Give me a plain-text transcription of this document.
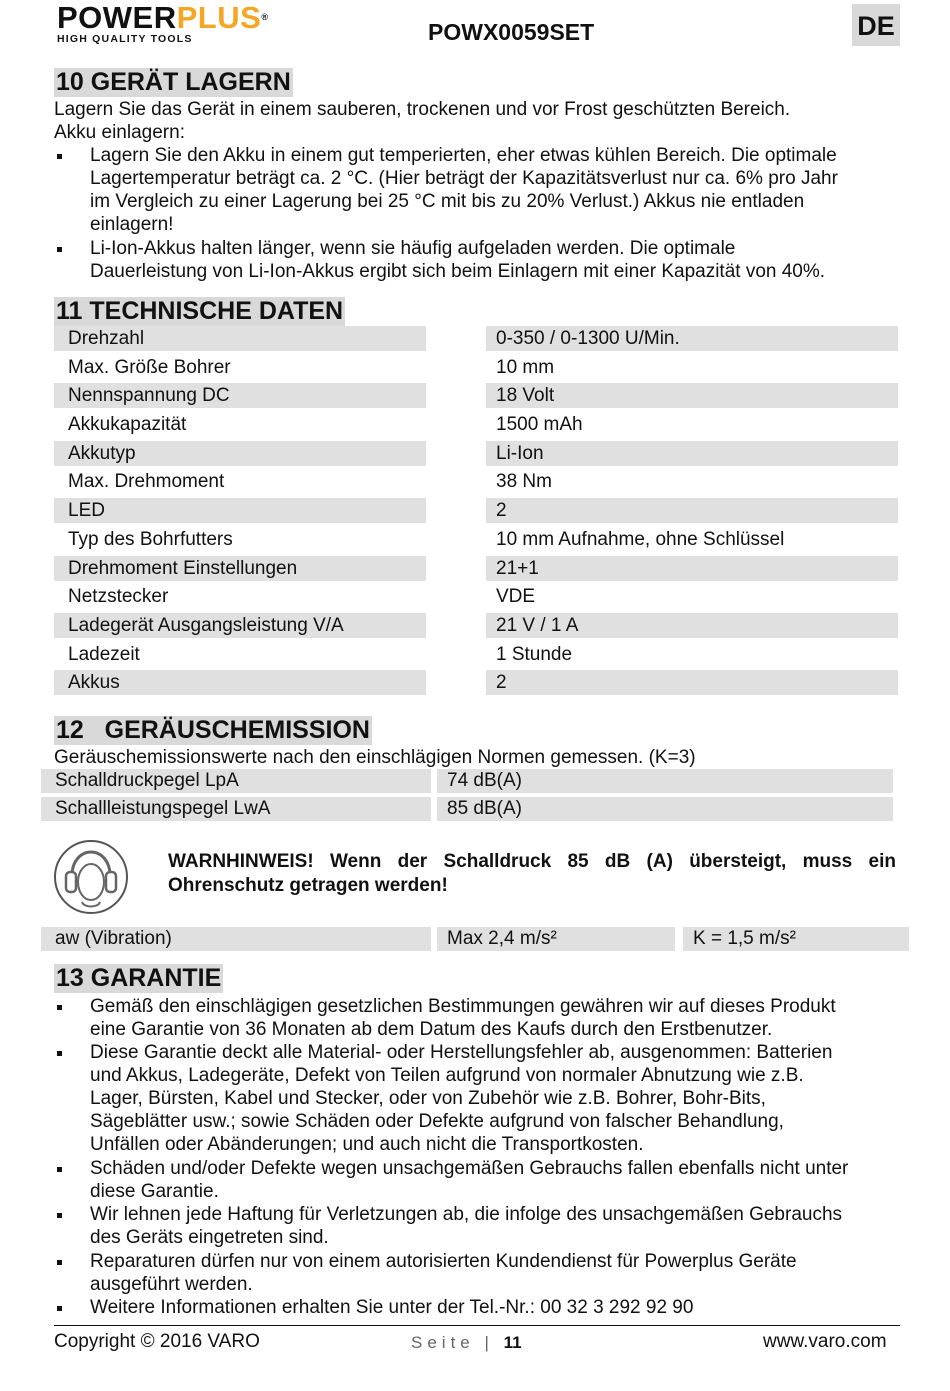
POWERPLUS®
HIGH QUALITY TOOLS	POWX0059SET	DE
10 GERÄT LAGERN
Lagern Sie das Gerät in einem sauberen, trockenen und vor Frost geschützten Bereich.
Akku einlagern:
Lagern Sie den Akku in einem gut temperierten, eher etwas kühlen Bereich. Die optimale
Lagertemperatur beträgt ca. 2 °C. (Hier beträgt der Kapazitätsverlust nur ca. 6% pro Jahr
im Vergleich zu einer Lagerung bei 25 °C mit bis zu 20% Verlust.) Akkus nie entladen
einlagern!
Li-Ion-Akkus halten länger, wenn sie häufig aufgeladen werden. Die optimale
Dauerleistung von Li-Ion-Akkus ergibt sich beim Einlagern mit einer Kapazität von 40%.
11 TECHNISCHE DATEN
Drehzahl	0-350 / 0-1300 U/Min.
Max. Größe Bohrer	10 mm
Nennspannung DC	18 Volt
Akkukapazität	1500 mAh
Akkutyp	Li-Ion
Max. Drehmoment	38 Nm
LED	2
Typ des Bohrfutters	10 mm Aufnahme, ohne Schlüssel
Drehmoment Einstellungen	21+1
Netzstecker	VDE
Ladegerät Ausgangsleistung V/A	21 V / 1 A
Ladezeit	1 Stunde
Akkus	2
12   GERÄUSCHEMISSION
Geräuschemissionswerte nach den einschlägigen Normen gemessen. (K=3)
Schalldruckpegel LpA	74 dB(A)
Schallleistungspegel LwA	85 dB(A)
WARNHINWEIS! Wenn der Schalldruck 85 dB (A) übersteigt, muss ein
Ohrenschutz getragen werden!
aw (Vibration)	Max 2,4 m/s²	K = 1,5 m/s²
13 GARANTIE
Gemäß den einschlägigen gesetzlichen Bestimmungen gewähren wir auf dieses Produkt
eine Garantie von 36 Monaten ab dem Datum des Kaufs durch den Erstbenutzer.
Diese Garantie deckt alle Material- oder Herstellungsfehler ab, ausgenommen: Batterien
und Akkus, Ladegeräte, Defekt von Teilen aufgrund von normaler Abnutzung wie z.B.
Lager, Bürsten, Kabel und Stecker, oder von Zubehör wie z.B. Bohrer, Bohr-Bits,
Sägeblätter usw.; sowie Schäden oder Defekte aufgrund von falscher Behandlung,
Unfällen oder Abänderungen; und auch nicht die Transportkosten.
Schäden und/oder Defekte wegen unsachgemäßen Gebrauchs fallen ebenfalls nicht unter
diese Garantie.
Wir lehnen jede Haftung für Verletzungen ab, die infolge des unsachgemäßen Gebrauchs
des Geräts eingetreten sind.
Reparaturen dürfen nur von einem autorisierten Kundendienst für Powerplus Geräte
ausgeführt werden.
Weitere Informationen erhalten Sie unter der Tel.-Nr.: 00 32 3 292 92 90
Copyright © 2016 VARO	Seite | 11	www.varo.com
